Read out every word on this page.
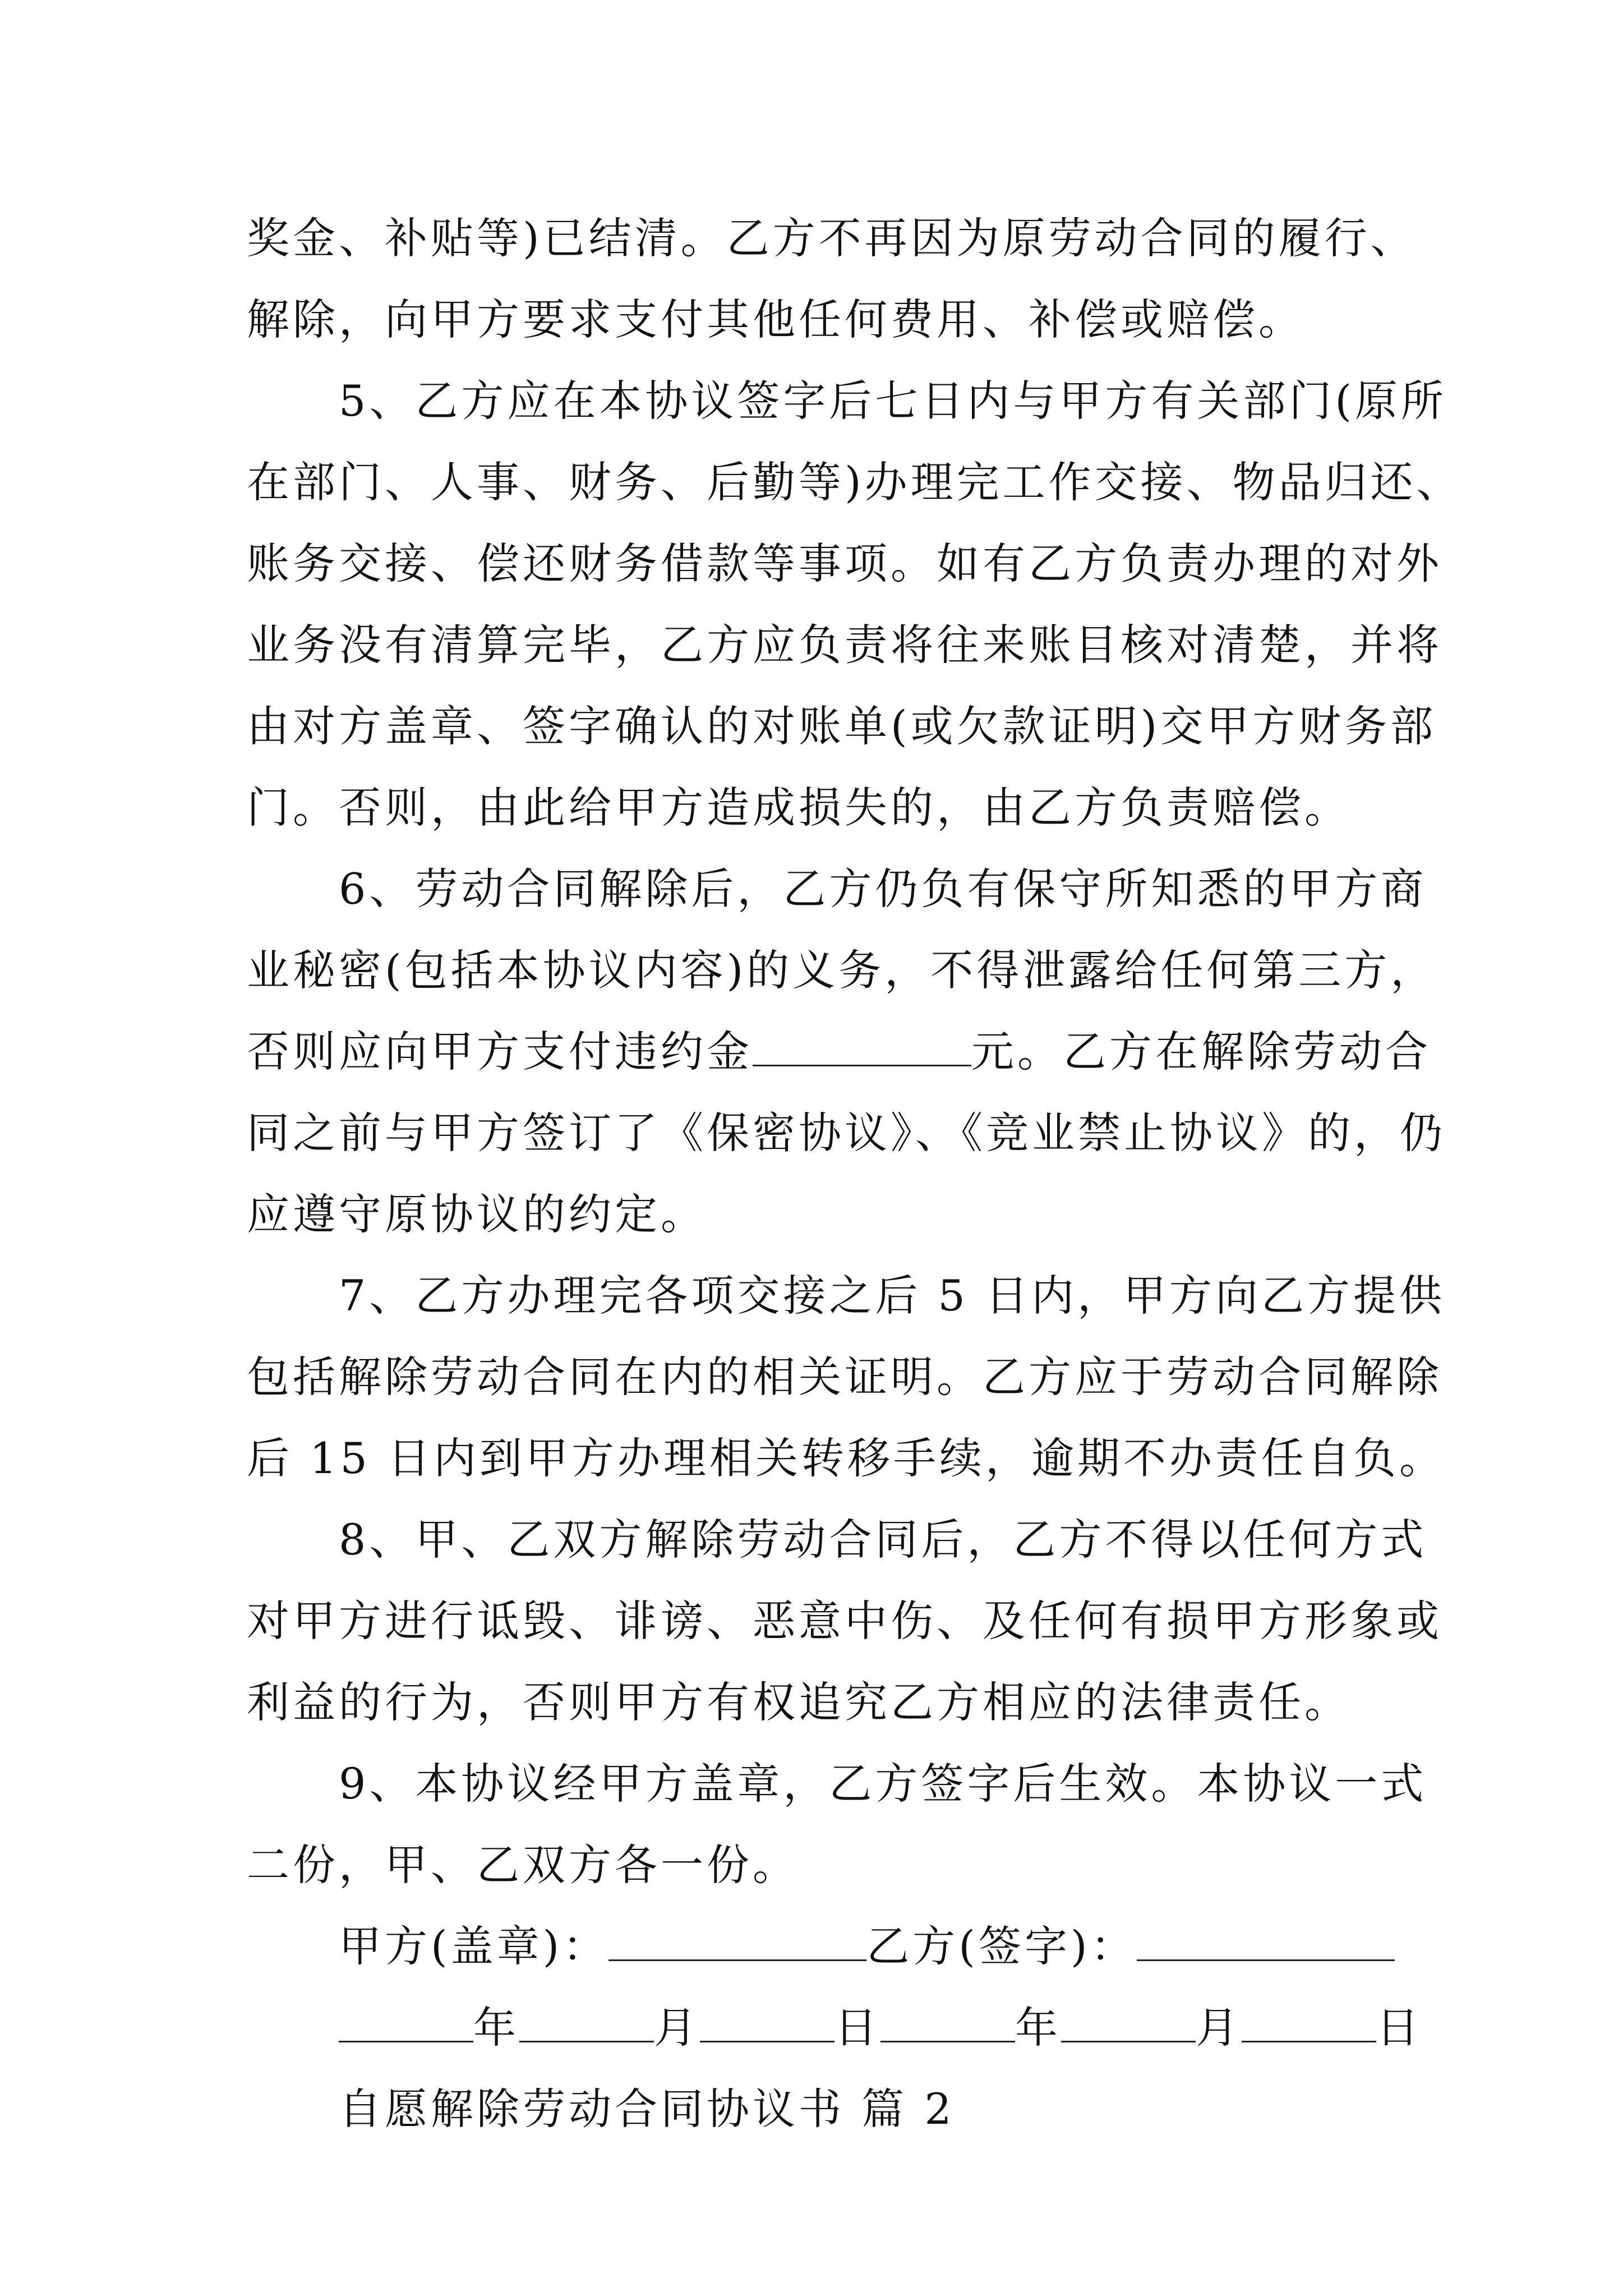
奖金、补贴等)已结清。乙方不再因为原劳动合同的履行、
解除，向甲方要求支付其他任何费用、补偿或赔偿。
5、乙方应在本协议签字后七日内与甲方有关部门(原所
在部门、人事、财务、后勤等)办理完工作交接、物品归还、
账务交接、偿还财务借款等事项。如有乙方负责办理的对外
业务没有清算完毕，乙方应负责将往来账目核对清楚，并将
由对方盖章、签字确认的对账单(或欠款证明)交甲方财务部
门。否则，由此给甲方造成损失的，由乙方负责赔偿。
6、劳动合同解除后，乙方仍负有保守所知悉的甲方商
业秘密(包括本协议内容)的义务，不得泄露给任何第三方，
否则应向甲方支付违约金	元。乙方在解除劳动合
同之前与甲方签订了《保密协议》、《竞业禁止协议》的，仍
应遵守原协议的约定。
7、乙方办理完各项交接之后 5 日内，甲方向乙方提供
包括解除劳动合同在内的相关证明。乙方应于劳动合同解除
后 15 日内到甲方办理相关转移手续，逾期不办责任自负。
8、甲、乙双方解除劳动合同后，乙方不得以任何方式
对甲方进行诋毁、诽谤、恶意中伤、及任何有损甲方形象或
利益的行为，否则甲方有权追究乙方相应的法律责任。
9、本协议经甲方盖章，乙方签字后生效。本协议一式
二份，甲、乙双方各一份。
甲方(盖章)：	乙方(签字)：
年	月	日	年	月	日
自愿解除劳动合同协议书 篇 2
